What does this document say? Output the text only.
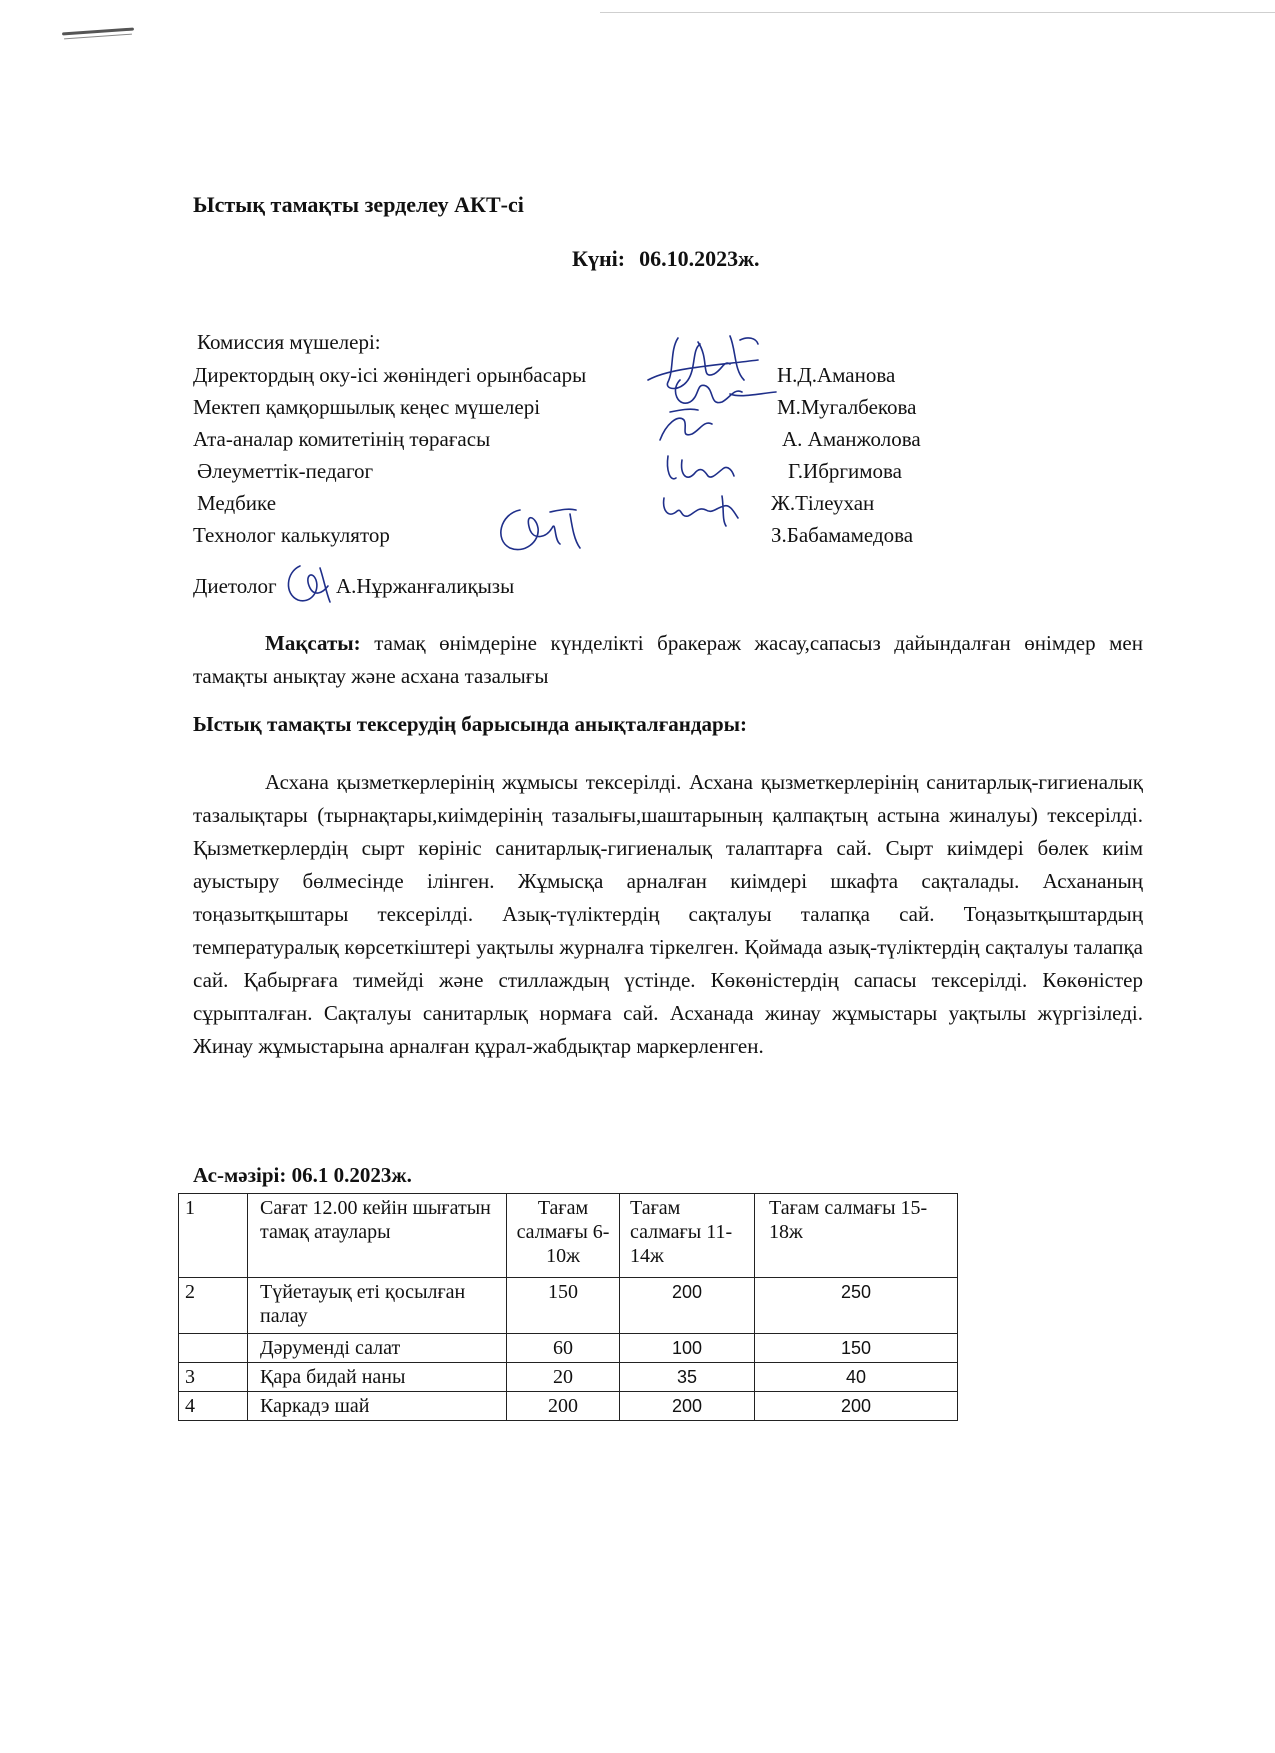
Ыстық тамақты зерделеу АКТ-сі
Күні: 06.10.2023ж.
Комиссия мүшелері:
Директордың оку-ісі жөніндегі орынбасары	Н.Д.Аманова
Мектеп қамқоршылық кеңес мүшелері	М.Мугалбекова
Ата-аналар комитетінің төрағасы	А. Аманжолова
Әлеуметтік-педагог	Г.Ибргимова
Медбике	Ж.Тілеухан
Технолог калькулятор	З.Бабамамедова
Диетолог	А.Нұржанғалиқызы
Мақсаты: тамақ өнімдеріне күнделікті бракераж жасау,сапасыз дайындалған өнімдер мен тамақты анықтау және асхана тазалығы
Ыстық тамақты тексерудің барысында анықталғандары:
Асхана қызметкерлерінің жұмысы тексерілді. Асхана қызметкерлерінің санитарлық-гигиеналық тазалықтары (тырнақтары,киімдерінің тазалығы,шаштарыныӊ қалпақтың астына жиналуы) тексерілді. Қызметкерлердің сырт көрініс санитарлық-гигиеналық талаптарға сай. Сырт киімдері бөлек киім ауыстыру бөлмесінде ілінген. Жұмысқа арналған киімдері шкафта сақталады. Асхананың тоңазытқыштары тексерілді. Азық-түліктердің сақталуы талапқа сай. Тоңазытқыштардың температуралық көрсеткіштері уақтылы журналға тіркелген. Қоймада азық-түліктердің сақталуы талапқа сай. Қабырғаға тимейді және стиллаждың үстінде. Көкөністердің сапасы тексерілді. Көкөністер сұрыпталған. Сақталуы санитарлық нормаға сай. Асханада жинау жұмыстары уақтылы жүргізіледі. Жинау жұмыстарына арналған құрал-жабдықтар маркерленген.
Ас-мәзірі: 06.1 0.2023ж.
1	Сағат 12.00 кейін шығатын тамақ атаулары	Тағам салмағы 6-10ж	Тағам салмағы 11-14ж	Тағам салмағы 15-18ж
2	Түйетауық еті қосылған палау	150	200	250
	Дәруменді салат	60	100	150
3	Қара бидай наны	20	35	40
4	Каркадэ шай	200	200	200
